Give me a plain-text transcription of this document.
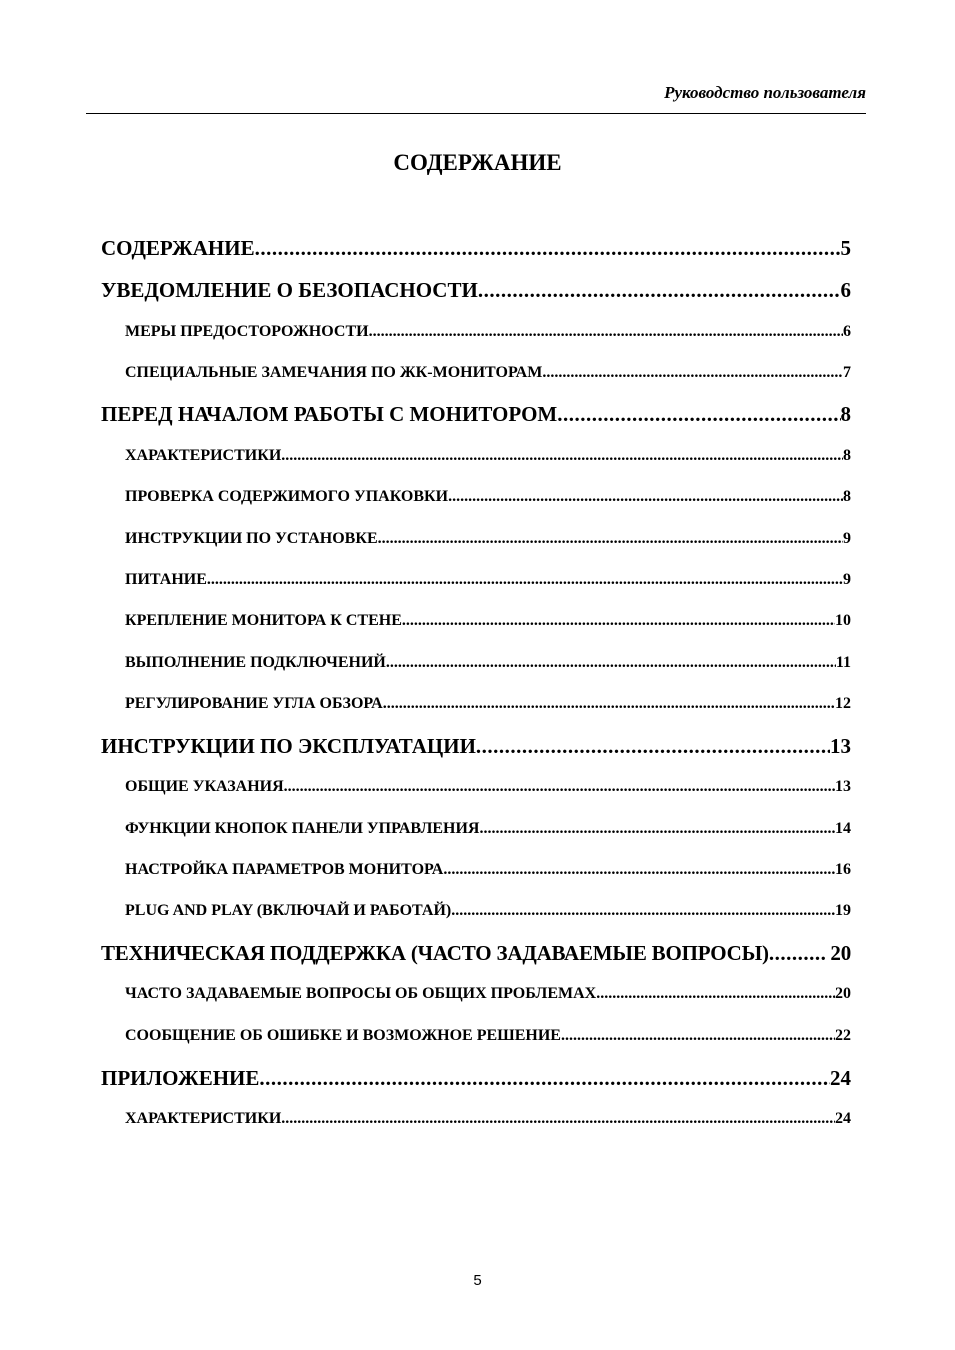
Руководство пользователя
СОДЕРЖАНИЕ
СОДЕРЖАНИЕ .....	5
УВЕДОМЛЕНИЕ О БЕЗОПАСНОСТИ .....	6
МЕРЫ ПРЕДОСТОРОЖНОСТИ .....	6
СПЕЦИАЛЬНЫЕ ЗАМЕЧАНИЯ ПО ЖК-МОНИТОРАМ .....	7
ПЕРЕД НАЧАЛОМ РАБОТЫ С МОНИТОРОМ .....	8
ХАРАКТЕРИСТИКИ .....	8
ПРОВЕРКА СОДЕРЖИМОГО УПАКОВКИ .....	8
ИНСТРУКЦИИ ПО УСТАНОВКЕ .....	9
ПИТАНИЕ .....	9
КРЕПЛЕНИЕ МОНИТОРА К СТЕНЕ .....	10
ВЫПОЛНЕНИЕ ПОДКЛЮЧЕНИЙ .....	11
РЕГУЛИРОВАНИЕ УГЛА ОБЗОРА .....	12
ИНСТРУКЦИИ ПО ЭКСПЛУАТАЦИИ .....	13
ОБЩИЕ УКАЗАНИЯ .....	13
ФУНКЦИИ КНОПОК ПАНЕЛИ УПРАВЛЕНИЯ .....	14
НАСТРОЙКА ПАРАМЕТРОВ МОНИТОРА .....	16
PLUG AND PLAY (ВКЛЮЧАЙ И РАБОТАЙ) .....	19
ТЕХНИЧЕСКАЯ ПОДДЕРЖКА (ЧАСТО ЗАДАВАЕМЫЕ ВОПРОСЫ) .....	20
ЧАСТО ЗАДАВАЕМЫЕ ВОПРОСЫ ОБ ОБЩИХ ПРОБЛЕМАХ .....	20
СООБЩЕНИЕ ОБ ОШИБКЕ И ВОЗМОЖНОЕ РЕШЕНИЕ .....	22
ПРИЛОЖЕНИЕ .....	24
ХАРАКТЕРИСТИКИ .....	24
5
